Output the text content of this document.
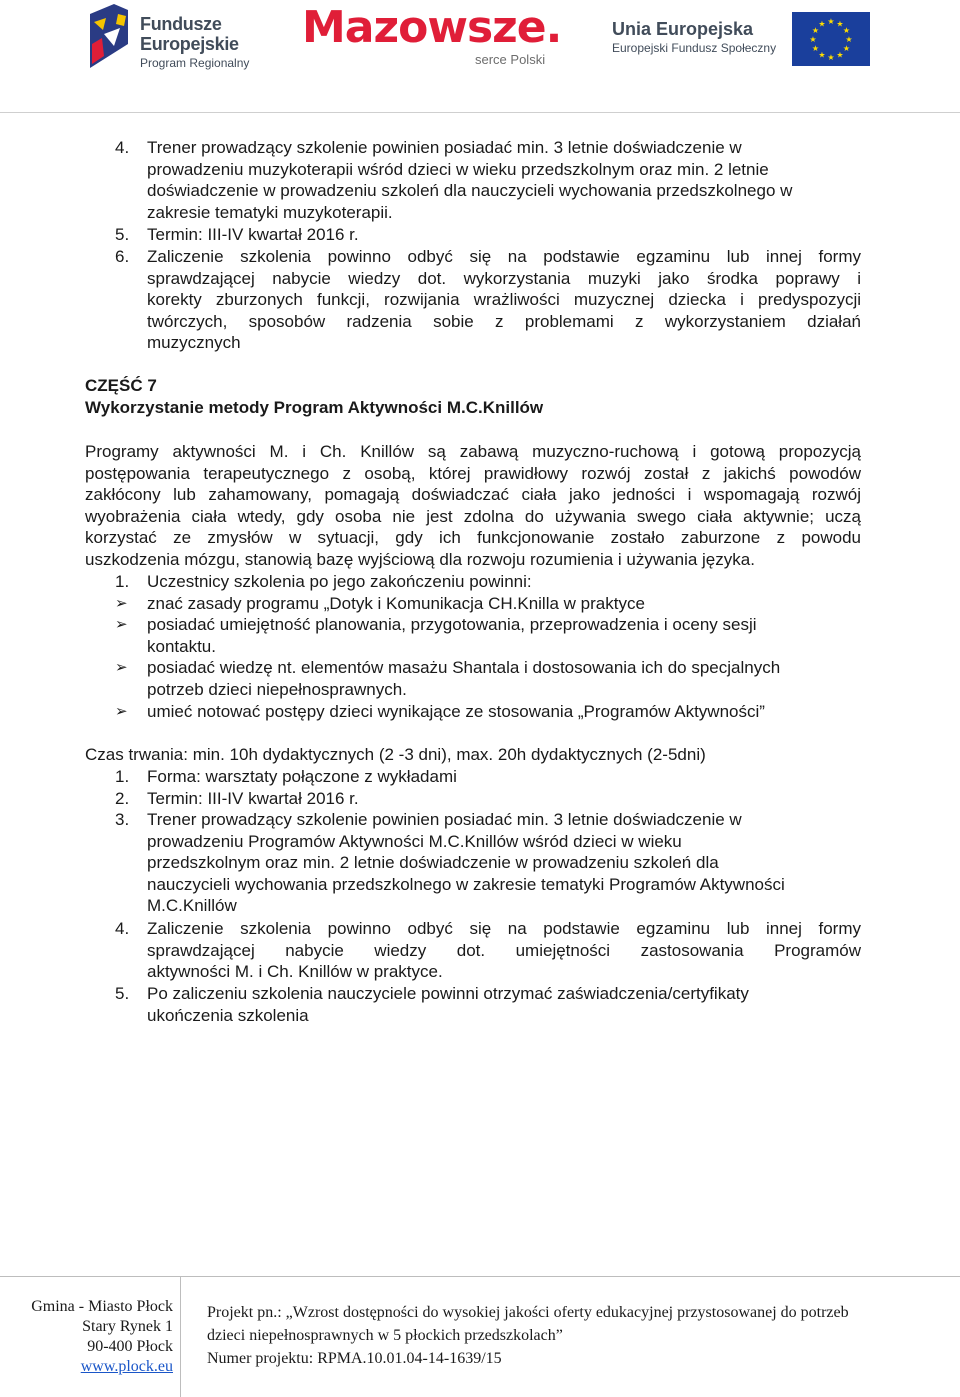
Fundusze
Europejskie
Program Regionalny
Mazowsze.
serce Polski
Unia Europejska
Europejski Fundusz Społeczny
★ ★
★
★
★
★
★
★
★
★
★
★
4. Trener prowadzący szkolenie powinien posiadać min. 3 letnie doświadczenie w
prowadzeniu muzykoterapii wśród dzieci w wieku przedszkolnym oraz min. 2 letnie
doświadczenie w prowadzeniu szkoleń dla nauczycieli wychowania przedszkolnego w
zakresie tematyki muzykoterapii.
5. Termin: III-IV kwartał 2016 r.
6. Zaliczenie szkolenia powinno odbyć się na podstawie egzaminu lub innej formy
sprawdzającej nabycie wiedzy dot. wykorzystania muzyki jako środka poprawy i
korekty zburzonych funkcji, rozwijania wrażliwości muzycznej dziecka i predyspozycji
twórczych, sposobów radzenia sobie z problemami z wykorzystaniem działań
muzycznych
CZĘŚĆ 7
Wykorzystanie metody Program Aktywności M.C.Knillów
Programy aktywności M. i Ch. Knillów są zabawą muzyczno-ruchową i gotową propozycją
postępowania terapeutycznego z osobą, której prawidłowy rozwój został z jakichś powodów
zakłócony lub zahamowany, pomagają doświadczać ciała jako jedności i wspomagają rozwój
wyobrażenia ciała wtedy, gdy osoba nie jest zdolna do używania swego ciała aktywnie; uczą
korzystać ze zmysłów w sytuacji, gdy ich funkcjonowanie zostało zaburzone z powodu
uszkodzenia mózgu, stanowią bazę wyjściową dla rozwoju rozumienia i używania języka.
1. Uczestnicy szkolenia po jego zakończeniu powinni:
➢ znać zasady programu „Dotyk i Komunikacja CH.Knilla w praktyce
➢ posiadać umiejętność planowania, przygotowania, przeprowadzenia i oceny sesji
kontaktu.
➢ posiadać wiedzę nt. elementów masażu Shantala i dostosowania ich do specjalnych
potrzeb dzieci niepełnosprawnych.
➢ umieć notować postępy dzieci wynikające ze stosowania „Programów Aktywności”
Czas trwania: min. 10h dydaktycznych (2 -3 dni), max. 20h dydaktycznych (2-5dni)
1. Forma: warsztaty połączone z wykładami
2. Termin: III-IV kwartał 2016 r.
3. Trener prowadzący szkolenie powinien posiadać min. 3 letnie doświadczenie w
prowadzeniu Programów Aktywności M.C.Knillów wśród dzieci w wieku
przedszkolnym oraz min. 2 letnie doświadczenie w prowadzeniu szkoleń dla
nauczycieli wychowania przedszkolnego w zakresie tematyki Programów Aktywności
M.C.Knillów
4. Zaliczenie szkolenia powinno odbyć się na podstawie egzaminu lub innej formy
sprawdzającej nabycie wiedzy dot. umiejętności zastosowania Programów
aktywności M. i Ch. Knillów w praktyce.
5. Po zaliczeniu szkolenia nauczyciele powinni otrzymać zaświadczenia/certyfikaty
ukończenia szkolenia
Gmina - Miasto Płock
Stary Rynek 1
90-400 Płock
www.plock.eu
Projekt pn.: „Wzrost dostępności do wysokiej jakości oferty edukacyjnej przystosowanej do potrzeb
dzieci niepełnosprawnych w 5 płockich przedszkolach”
Numer projektu: RPMA.10.01.04-14-1639/15
